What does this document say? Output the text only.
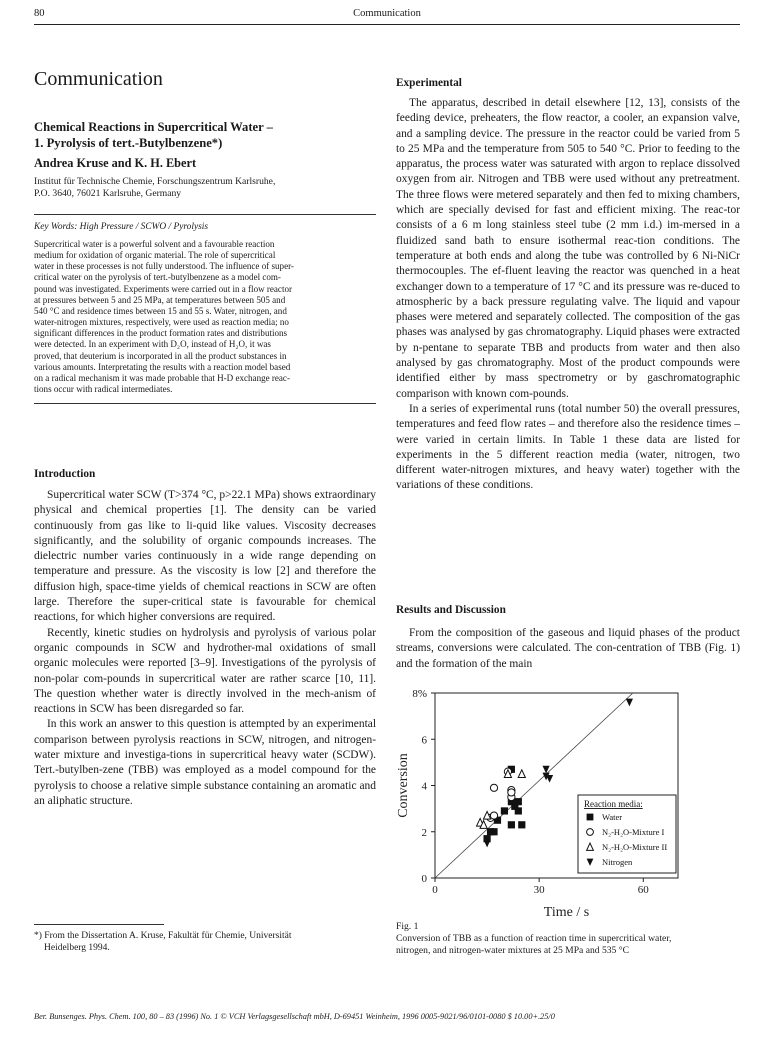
80	Communication
Communication
Chemical Reactions in Supercritical Water –
1. Pyrolysis of tert.-Butylbenzene*)
Andrea Kruse and K. H. Ebert
Institut für Technische Chemie, Forschungszentrum Karlsruhe,
P.O. 3640, 76021 Karlsruhe, Germany
Key Words: High Pressure / SCWO / Pyrolysis
Supercritical water is a powerful solvent and a favourable reaction
medium for oxidation of organic material. The role of supercritical
water in these processes is not fully understood. The influence of super-
critical water on the pyrolysis of tert.-butylbenzene as a model com-
pound was investigated. Experiments were carried out in a flow reactor
at pressures between 5 and 25 MPa, at temperatures between 505 and
540 °C and residence times between 15 and 55 s. Water, nitrogen, and
water-nitrogen mixtures, respectively, were used as reaction media; no
significant differences in the product formation rates and distributions
were detected. In an experiment with D₂O, instead of H₂O, it was
proved, that deuterium is incorporated in all the product substances in
various amounts. Interpretating the results with a reaction model based
on a radical mechanism it was made probable that H-D exchange reac-
tions occur with radical intermediates.
Introduction

Supercritical water SCW (T>374 °C, p>22.1 MPa) shows extraordinary physical and chemical properties [1]. The density can be varied continuously from gas like to li-quid like values. Viscosity decreases significantly, and the solubility of organic compounds increases. The dielectric number varies continuously in a wide range depending on temperature and pressure. As the viscosity is low [2] and therefore the diffusion high, space-time yields of chemical reactions in SCW are often large. Therefore the super-critical state is favourable for chemical reactions, for which higher conversions are required.

Recently, kinetic studies on hydrolysis and pyrolysis of various polar organic compounds in SCW and hydrother-mal oxidations of small organic molecules were reported [3–9]. Investigations of the pyrolysis of non-polar com-pounds in supercritical water are rather scarce [10, 11]. The question whether water is directly involved in the mech-anism of reactions in SCW has been disregarded so far.

In this work an answer to this question is attempted by an experimental comparison between pyrolysis reactions in SCW, nitrogen, and nitrogen-water mixture and investiga-tions in supercritical heavy water (SCDW). Tert.-butylben-zene (TBB) was employed as a model compound for the pyrolysis to choose a relative simple substance containing an aromatic and an aliphatic structure.

*) From the Dissertation A. Kruse, Fakultät für Chemie, Universität
Heidelberg 1994.
Experimental

The apparatus, described in detail elsewhere [12, 13], consists of the feeding device, preheaters, the flow reactor, a cooler, an expansion valve, and a sampling device. The pressure in the reactor could be varied from 5 to 25 MPa and the temperature from 505 to 540 °C. Prior to feeding to the apparatus, the process water was saturated with argon to replace dissolved oxygen from air. Nitrogen and TBB were used without any pretreatment. The three flows were metered separately and then fed to mixing chambers, which are specially devised for fast and efficient mixing. The reac-tor consists of a 6 m long stainless steel tube (2 mm i.d.) im-mersed in a fluidized sand bath to ensure isothermal reac-tion conditions. The temperature at both ends and along the tube was controlled by 6 Ni-NiCr thermocouples. The ef-fluent leaving the reactor was quenched in a heat exchanger down to a temperature of 17 °C and its pressure was re-duced to atmospheric by a back pressure regulating valve. The liquid and vapour phases were metered and separately collected. The composition of the gas phases was analysed by gas chromatography. Liquid phases were extracted by n-pentane to separate TBB and products from water and then also analysed by gas chromatography. Most of the product compounds were identified either by mass spectrometry or by gaschromatographic comparison with known com-pounds.

In a series of experimental runs (total number 50) the overall pressures, temperatures and feed flow rates – and therefore also the residence times – were varied in certain limits. In Table 1 these data are listed for experiments in the 5 different reaction media (water, nitrogen, two different water-nitrogen mixtures, and heavy water) together with the variations of these conditions.

Results and Discussion

From the composition of the gaseous and liquid phases of the product streams, conversions were calculated. The con-centration of TBB (Fig. 1) and the formation of the main

0
2
4
6
8%
0	30	60
Time / s
Conversion	Reaction media:
Water
N₂-H₂O-Mixture I
N₂-H₂O-Mixture II
Nitrogen
Fig. 1
Conversion of TBB as a function of reaction time in supercritical water,
nitrogen, and nitrogen-water mixtures at 25 MPa and 535 °C
Ber. Bunsenges. Phys. Chem. 100, 80 – 83 (1996) No. 1 © VCH Verlagsgesellschaft mbH, D-69451 Weinheim, 1996 0005-9021/96/0101-0080 $ 10.00+.25/0
